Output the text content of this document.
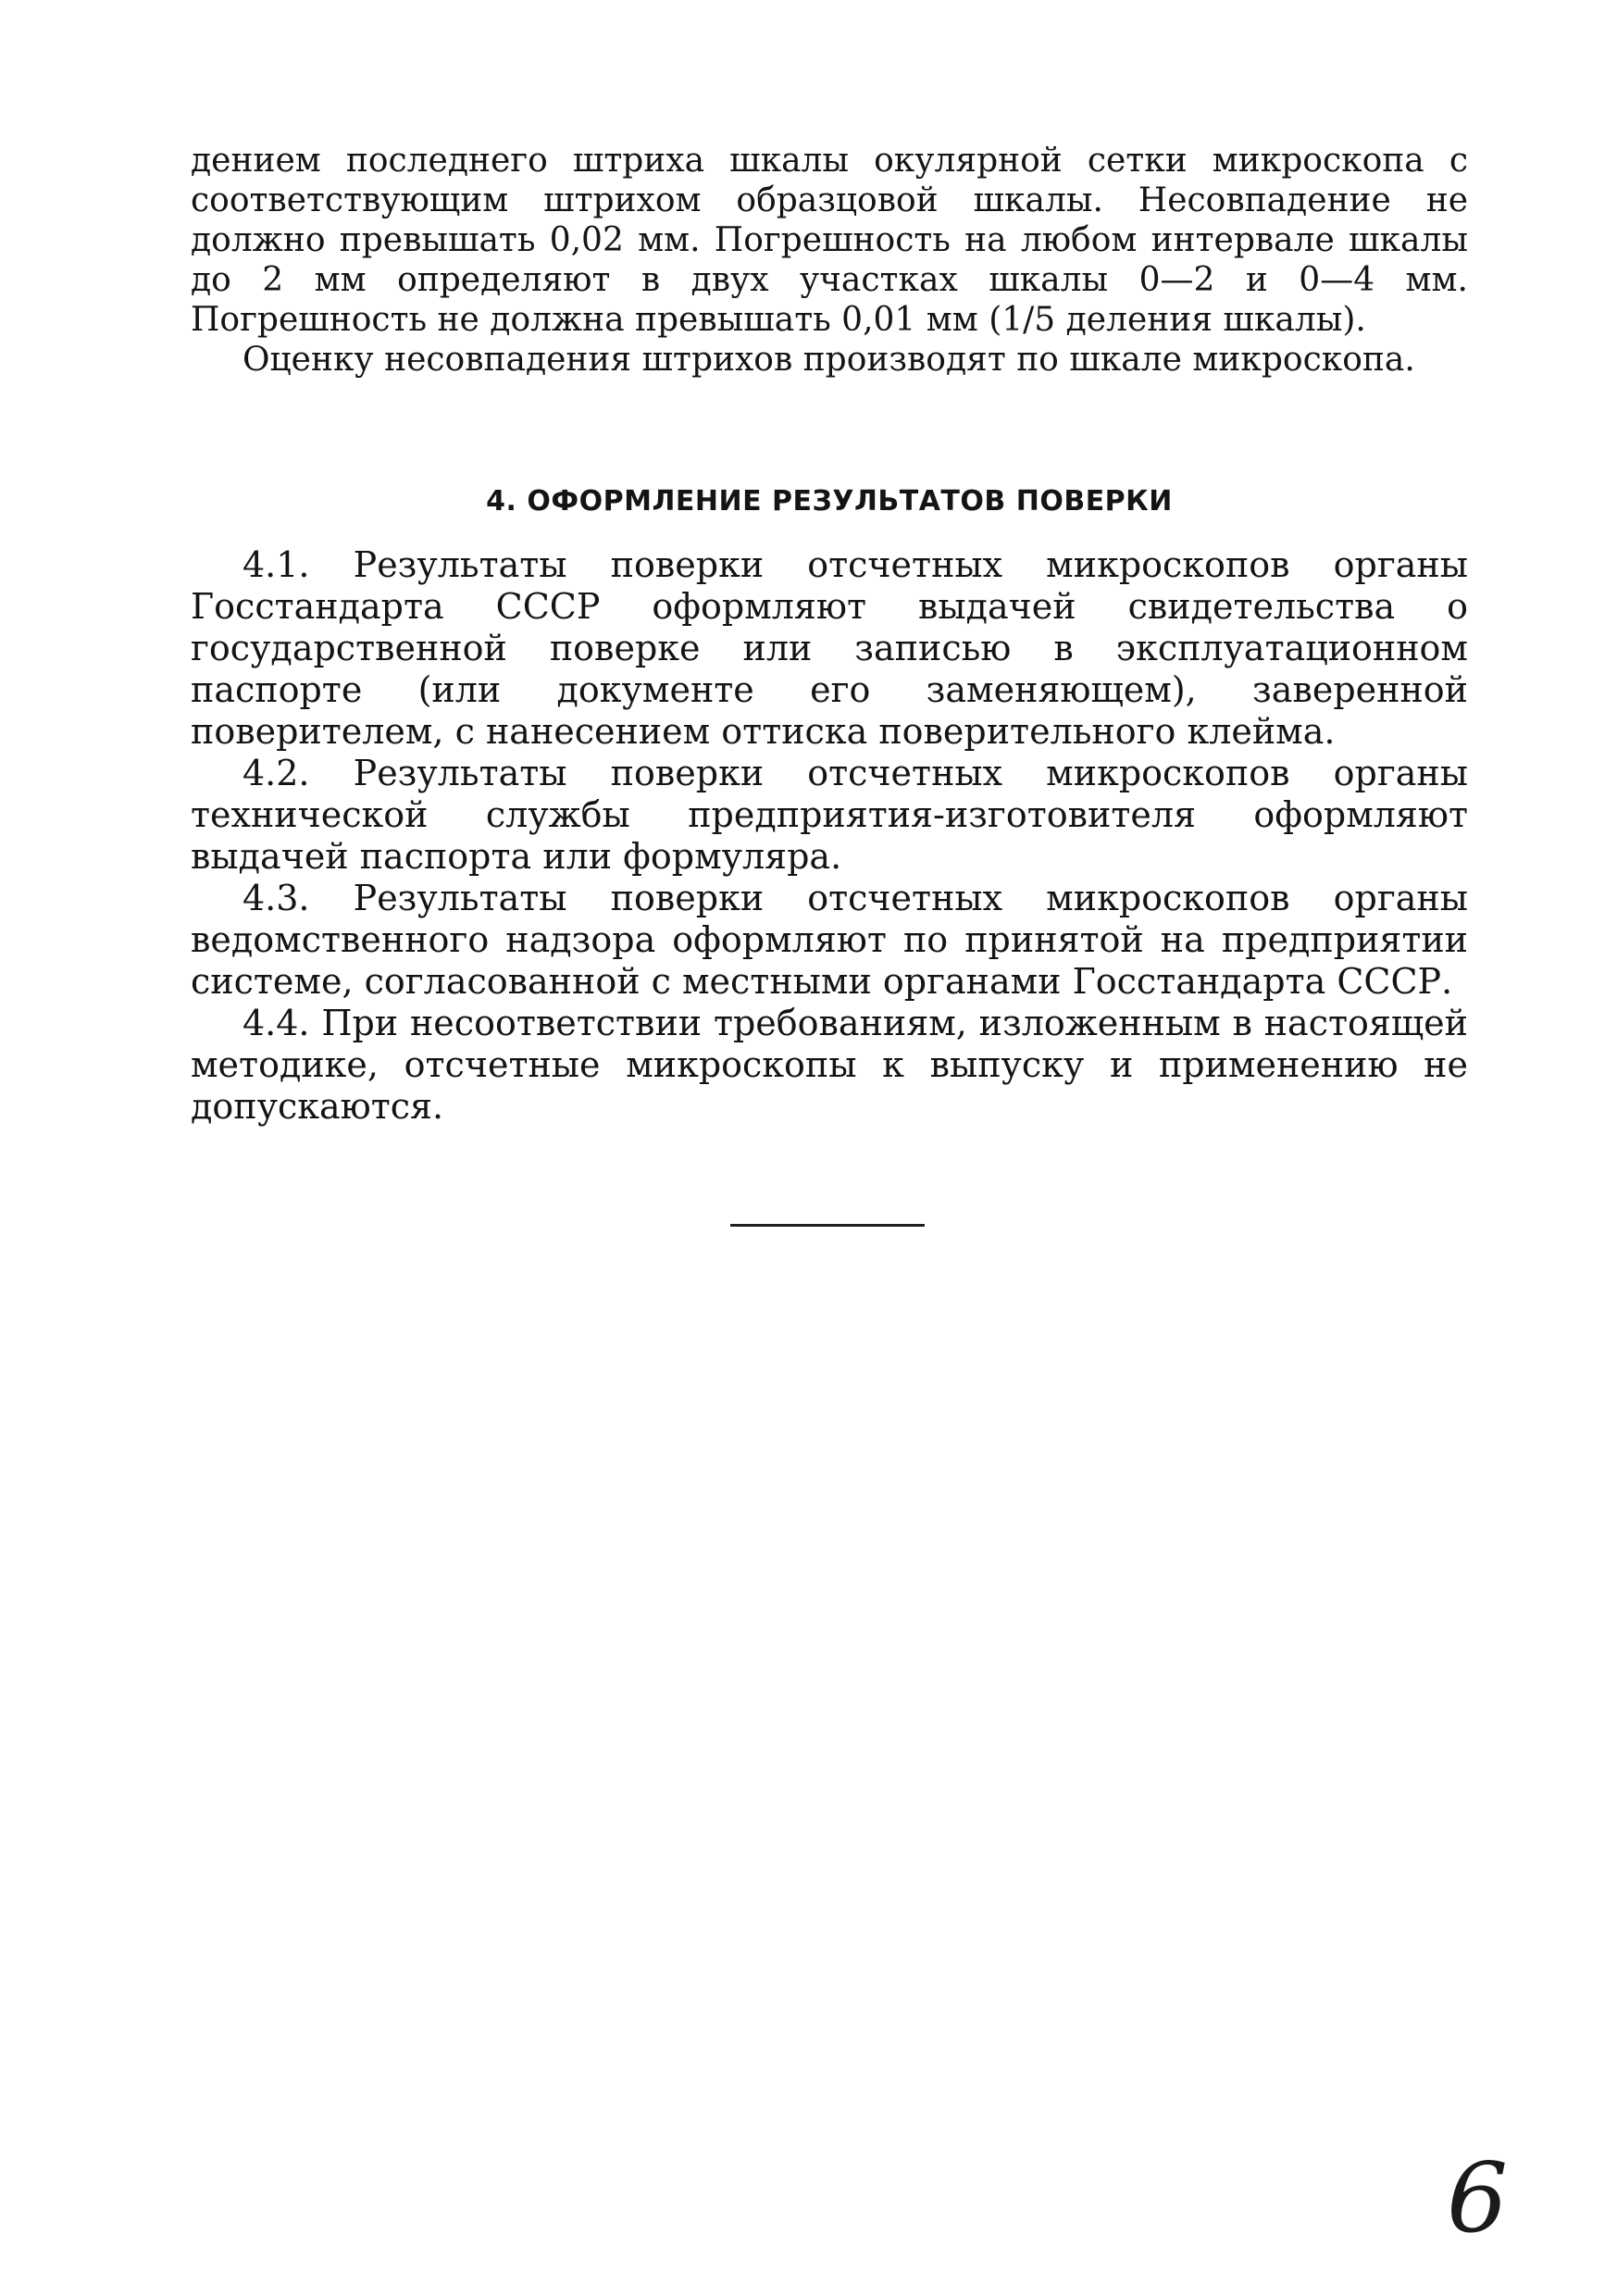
дением последнего штриха шкалы окулярной сетки микроскопа с соответствующим штрихом образцовой шкалы. Несовпадение не должно превышать 0,02 мм. Погрешность на любом интервале шкалы до 2 мм определяют в двух участках шкалы 0—2 и 0—4 мм. Погрешность не должна превышать 0,01 мм (1/5 деления шкалы).

Оценку несовпадения штрихов производят по шкале микроскопа.

4. ОФОРМЛЕНИЕ РЕЗУЛЬТАТОВ ПОВЕРКИ

4.1. Результаты поверки отсчетных микроскопов органы Госстандарта СССР оформляют выдачей свидетельства о государственной поверке или записью в эксплуатационном паспорте (или документе его заменяющем), заверенной поверителем, с нанесением оттиска поверительного клейма.

4.2. Результаты поверки отсчетных микроскопов органы технической службы предприятия-изготовителя оформляют выдачей паспорта или формуляра.

4.3. Результаты поверки отсчетных микроскопов органы ведомственного надзора оформляют по принятой на предприятии системе, согласованной с местными органами Госстандарта СССР.

4.4. При несоответствии требованиям, изложенным в настоящей методике, отсчетные микроскопы к выпуску и применению не допускаются.

6
